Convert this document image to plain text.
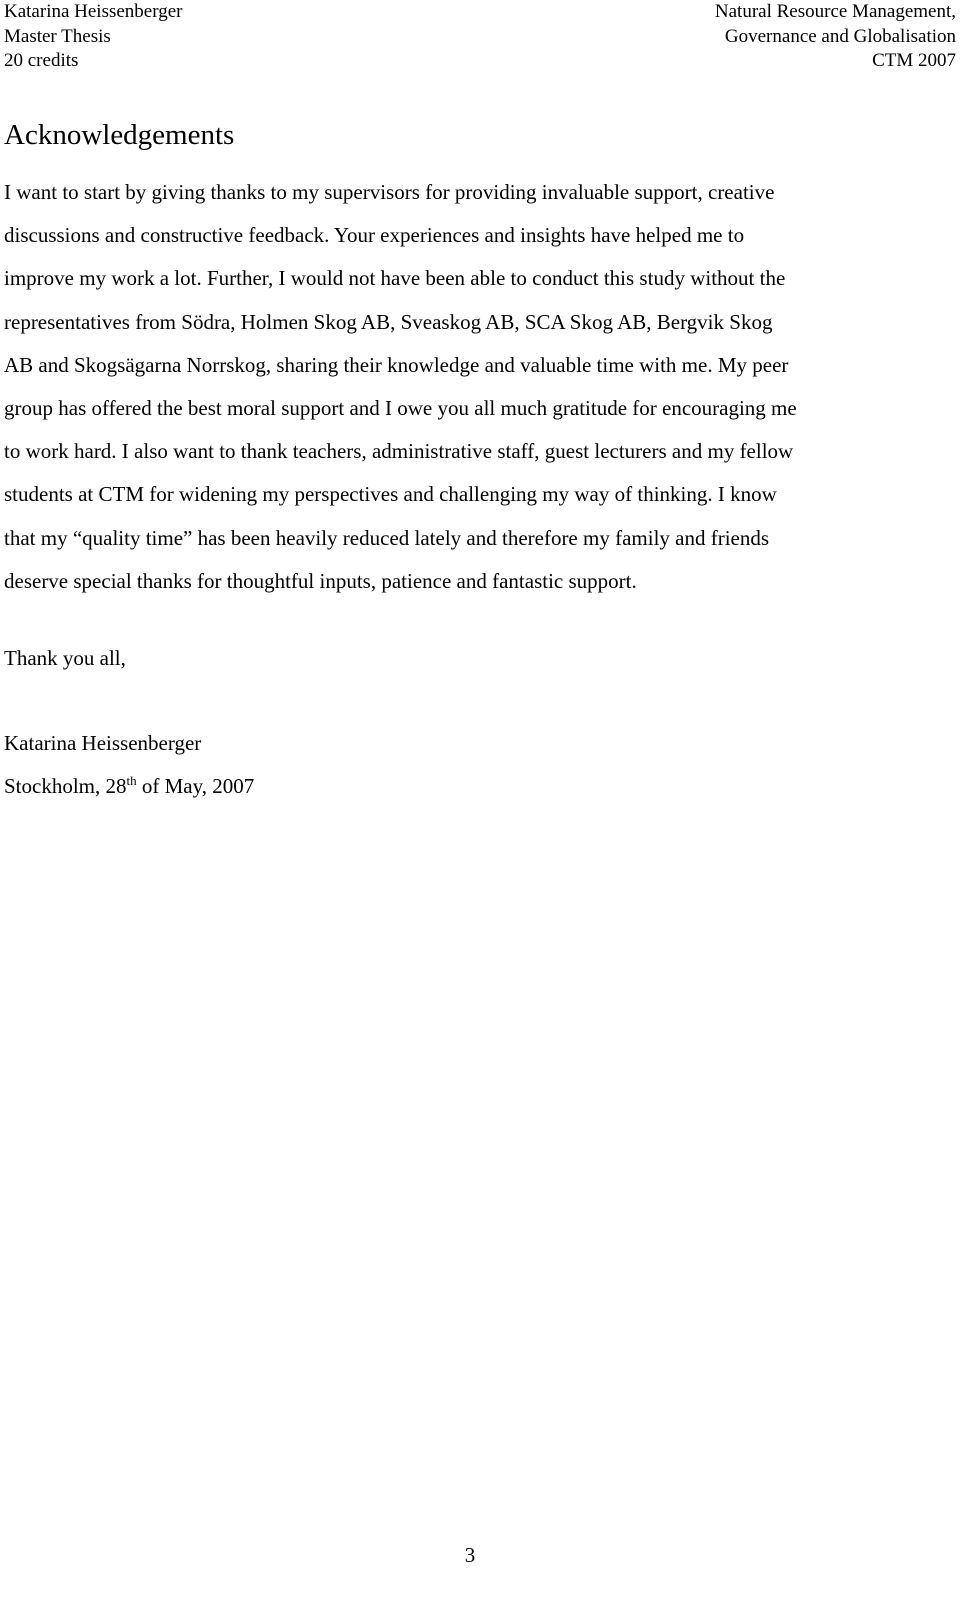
Katarina Heissenberger
Master Thesis
20 credits
Natural Resource Management,
Governance and Globalisation
CTM 2007
Acknowledgements

I want to start by giving thanks to my supervisors for providing invaluable support, creative
discussions and constructive feedback. Your experiences and insights have helped me to
improve my work a lot. Further, I would not have been able to conduct this study without the
representatives from Södra, Holmen Skog AB, Sveaskog AB, SCA Skog AB, Bergvik Skog
AB and Skogsägarna Norrskog, sharing their knowledge and valuable time with me. My peer
group has offered the best moral support and I owe you all much gratitude for encouraging me
to work hard. I also want to thank teachers, administrative staff, guest lecturers and my fellow
students at CTM for widening my perspectives and challenging my way of thinking. I know
that my “quality time” has been heavily reduced lately and therefore my family and friends
deserve special thanks for thoughtful inputs, patience and fantastic support.

Thank you all,

Katarina Heissenberger

Stockholm, 28th of May, 2007

3
